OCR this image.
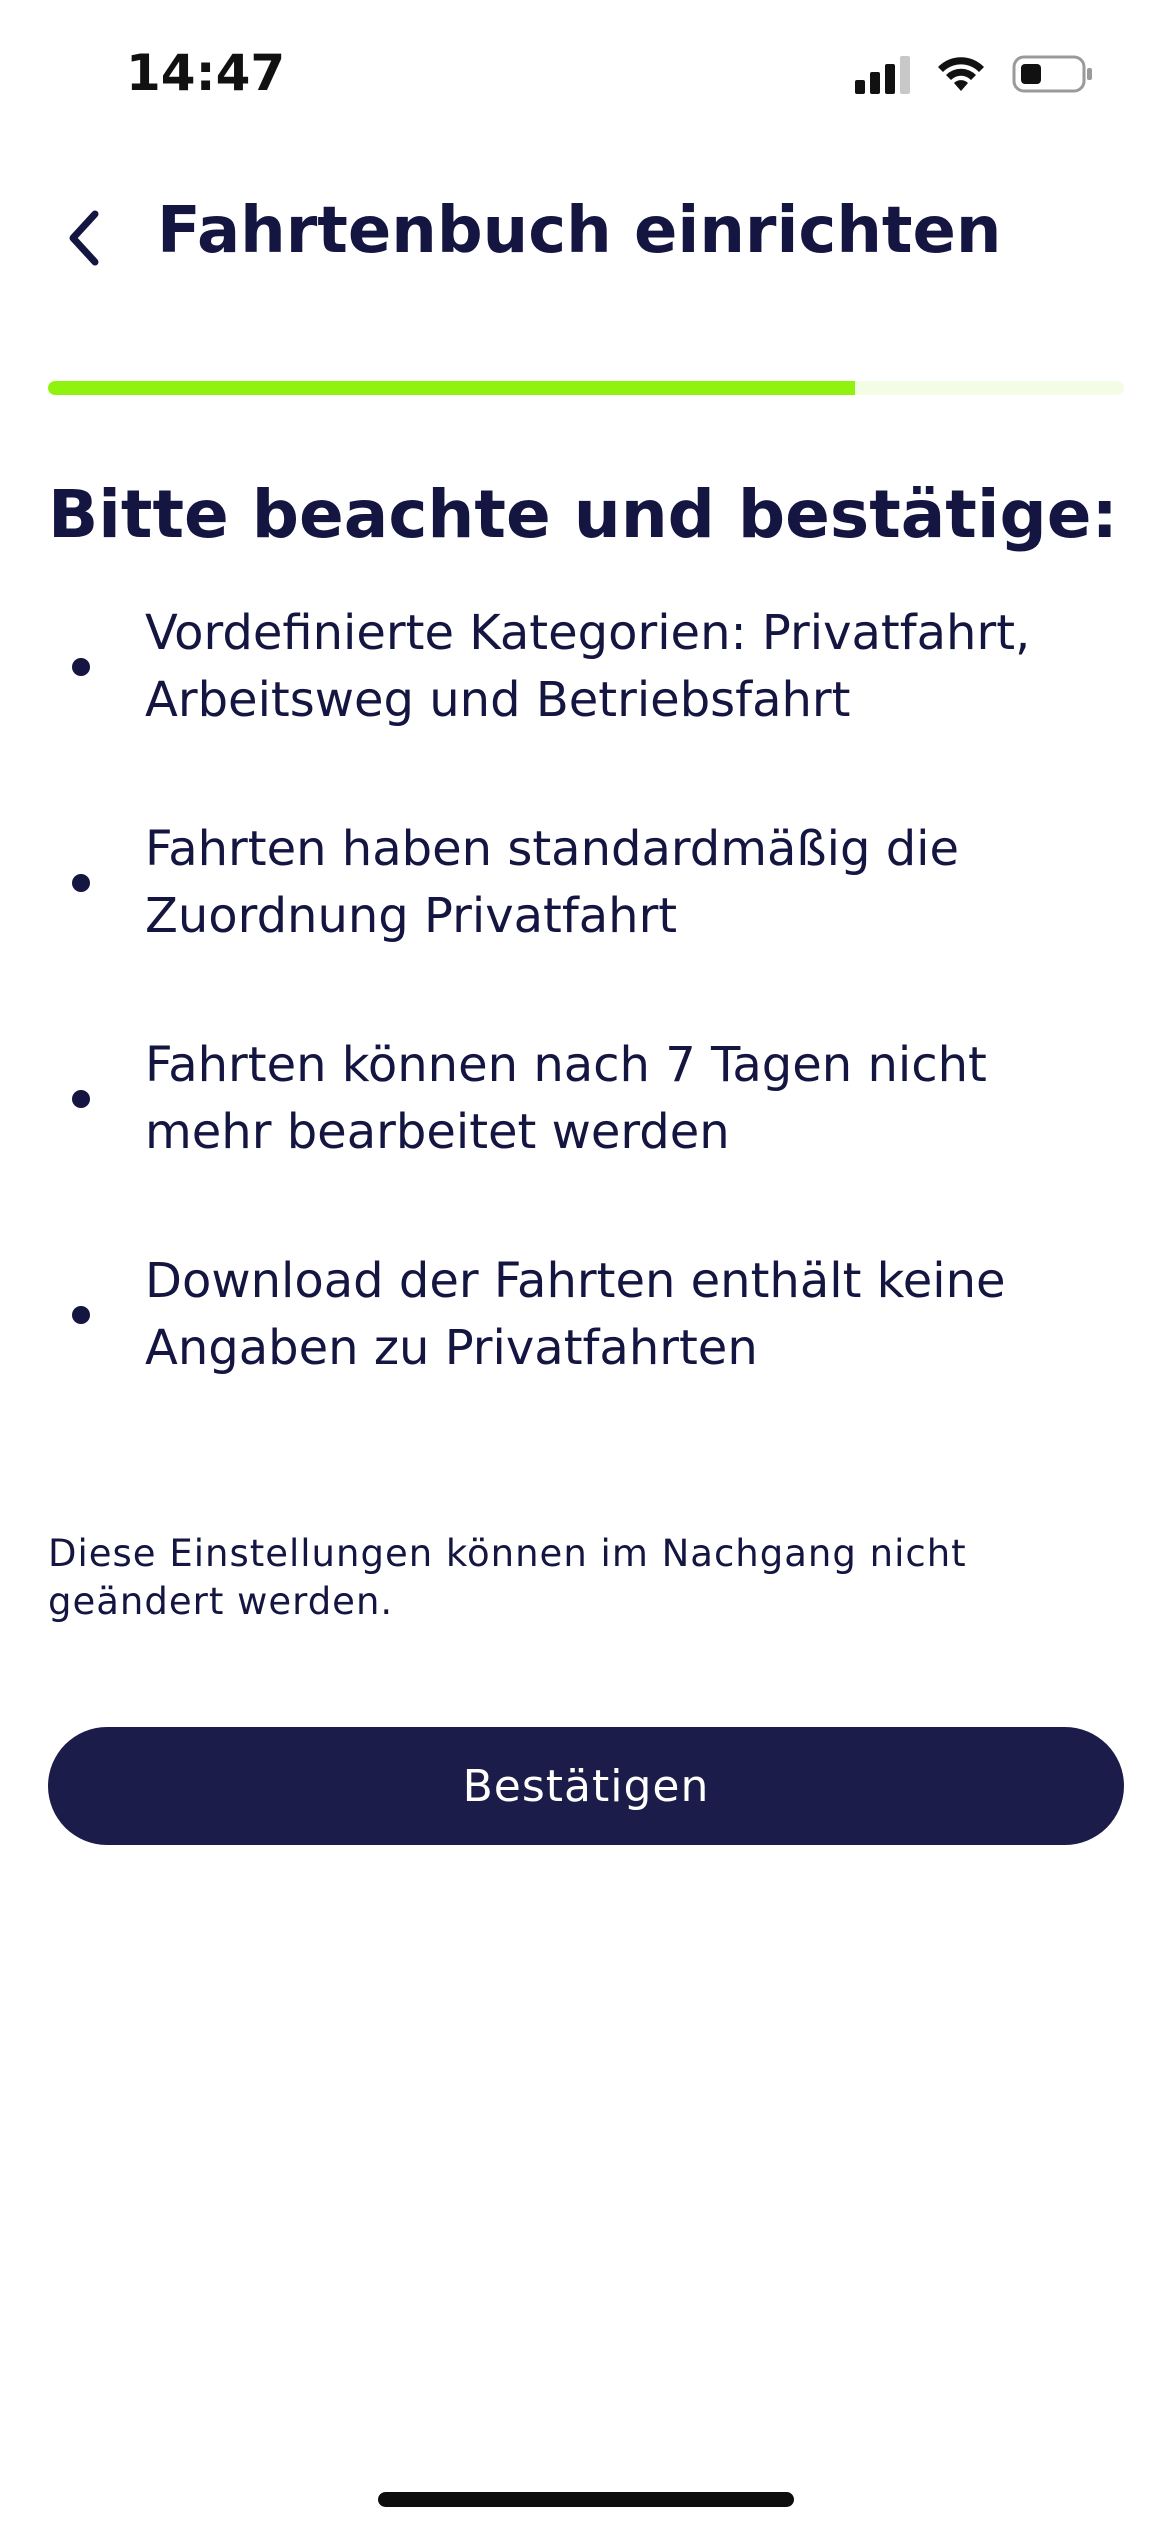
14:47
Fahrtenbuch einrichten
Bitte beachte und bestätige:
Vordefinierte Kategorien: Privatfahrt, Arbeitsweg und Betriebsfahrt
Fahrten haben standardmäßig die Zuordnung Privatfahrt
Fahrten können nach 7 Tagen nicht mehr bearbeitet werden
Download der Fahrten enthält keine Angaben zu Privatfahrten
Diese Einstellungen können im Nachgang nicht geändert werden.
Bestätigen
